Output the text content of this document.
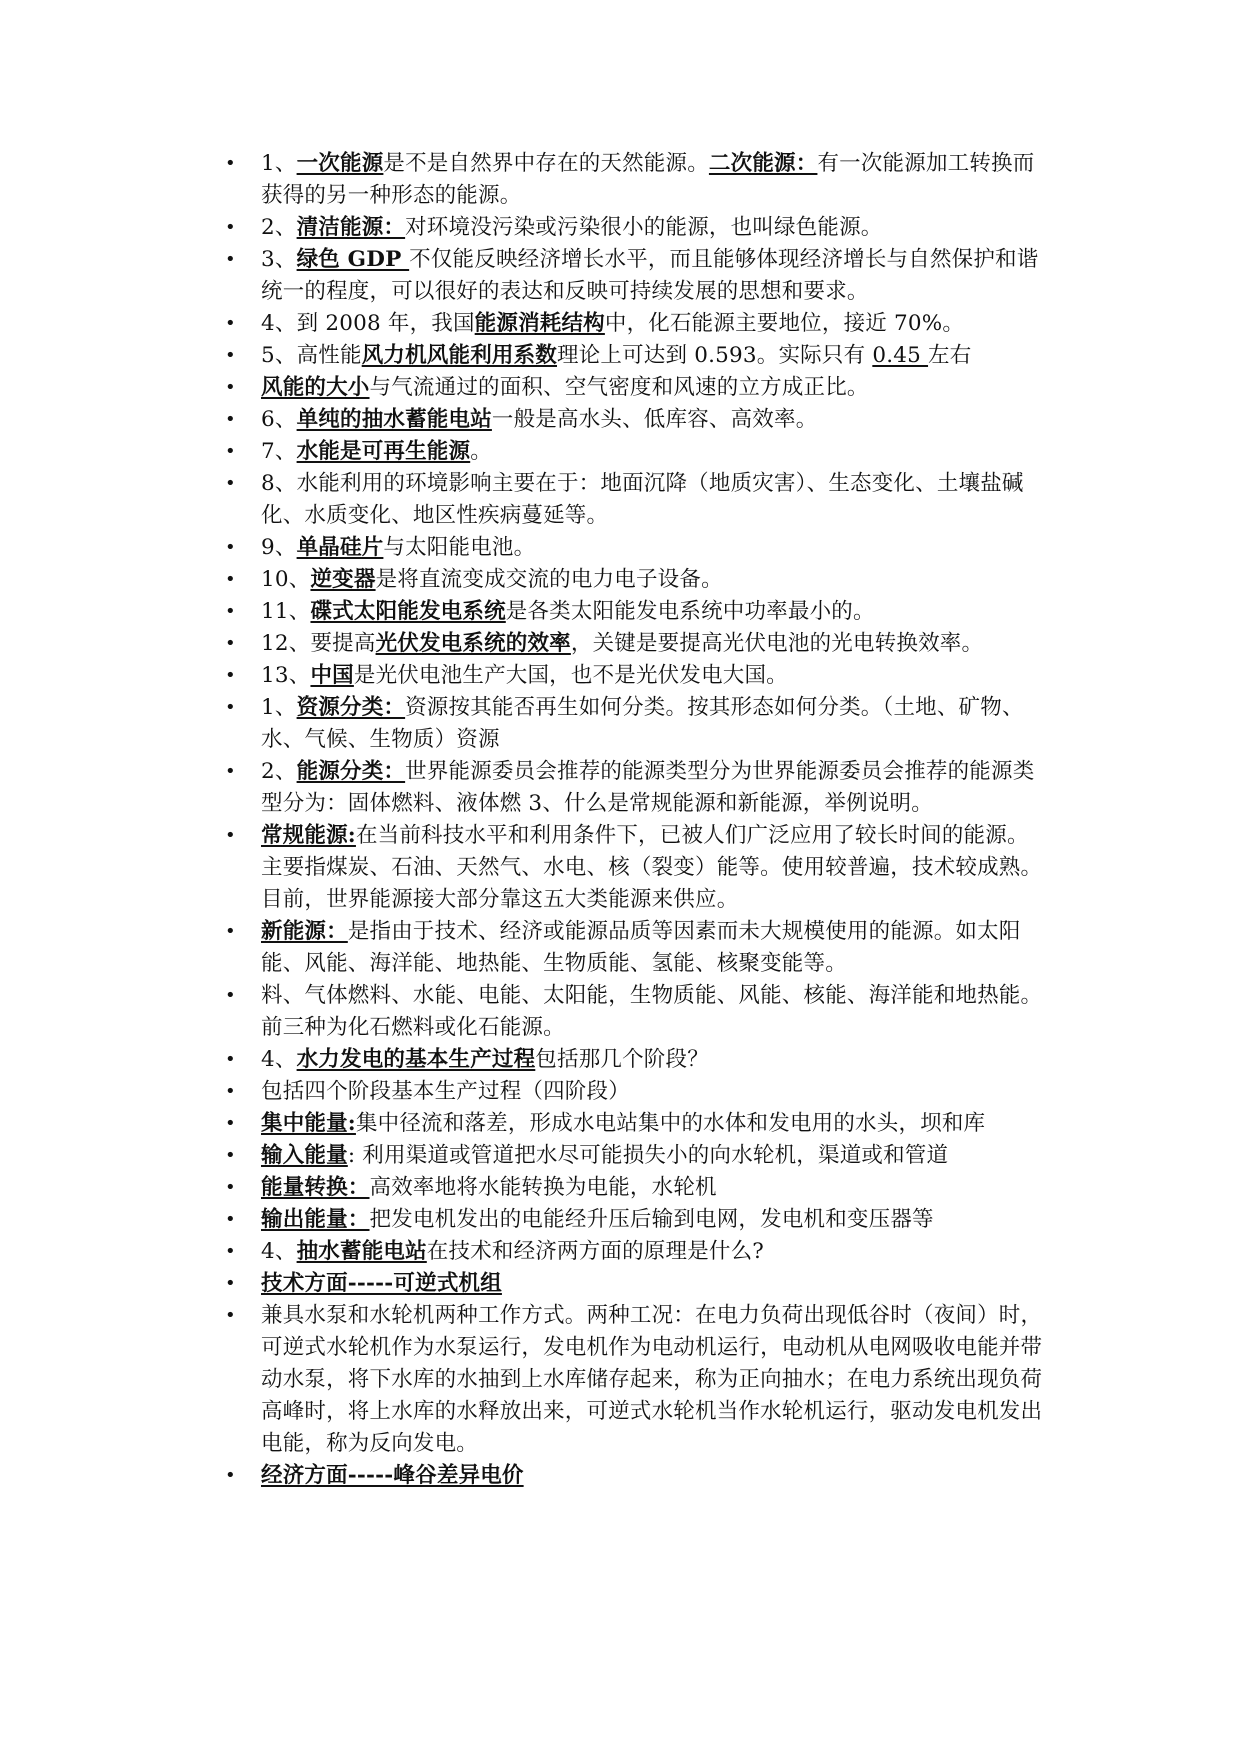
• 1、一次能源是不是自然界中存在的天然能源。二次能源：有一次能源加工转换而获得的另一种形态的能源。
• 2、清洁能源：对环境没污染或污染很小的能源，也叫绿色能源。
• 3、绿色 GDP 不仅能反映经济增长水平，而且能够体现经济增长与自然保护和谐统一的程度，可以很好的表达和反映可持续发展的思想和要求。
• 4、到 2008 年，我国能源消耗结构中，化石能源主要地位，接近 70%。
• 5、高性能风力机风能利用系数理论上可达到 0.593。实际只有 0.45 左右
• 风能的大小与气流通过的面积、空气密度和风速的立方成正比。
• 6、单纯的抽水蓄能电站一般是高水头、低库容、高效率。
• 7、水能是可再生能源。
• 8、水能利用的环境影响主要在于：地面沉降（地质灾害）、生态变化、土壤盐碱化、水质变化、地区性疾病蔓延等。
• 9、单晶硅片与太阳能电池。
• 10、逆变器是将直流变成交流的电力电子设备。
• 11、碟式太阳能发电系统是各类太阳能发电系统中功率最小的。
• 12、要提高光伏发电系统的效率，关键是要提高光伏电池的光电转换效率。
• 13、中国是光伏电池生产大国，也不是光伏发电大国。
• 1、资源分类：资源按其能否再生如何分类。按其形态如何分类。（土地、矿物、水、气候、生物质）资源
• 2、能源分类：世界能源委员会推荐的能源类型分为世界能源委员会推荐的能源类型分为：固体燃料、液体燃 3、什么是常规能源和新能源，举例说明。
• 常规能源:在当前科技水平和利用条件下，已被人们广泛应用了较长时间的能源。主要指煤炭、石油、天然气、水电、核（裂变）能等。使用较普遍，技术较成熟。目前，世界能源接大部分靠这五大类能源来供应。
• 新能源：是指由于技术、经济或能源品质等因素而未大规模使用的能源。如太阳能、风能、海洋能、地热能、生物质能、氢能、核聚变能等。
• 料、气体燃料、水能、电能、太阳能，生物质能、风能、核能、海洋能和地热能。前三种为化石燃料或化石能源。
• 4、水力发电的基本生产过程包括那几个阶段？
• 包括四个阶段基本生产过程（四阶段）
• 集中能量:集中径流和落差，形成水电站集中的水体和发电用的水头，坝和库
• 输入能量: 利用渠道或管道把水尽可能损失小的向水轮机，渠道或和管道
• 能量转换：高效率地将水能转换为电能，水轮机
• 输出能量：把发电机发出的电能经升压后输到电网，发电机和变压器等
• 4、抽水蓄能电站在技术和经济两方面的原理是什么?
• 技术方面-----可逆式机组
• 兼具水泵和水轮机两种工作方式。两种工况：在电力负荷出现低谷时（夜间）时，可逆式水轮机作为水泵运行，发电机作为电动机运行，电动机从电网吸收电能并带动水泵，将下水库的水抽到上水库储存起来，称为正向抽水；在电力系统出现负荷高峰时，将上水库的水释放出来，可逆式水轮机当作水轮机运行，驱动发电机发出电能，称为反向发电。
• 经济方面-----峰谷差异电价
